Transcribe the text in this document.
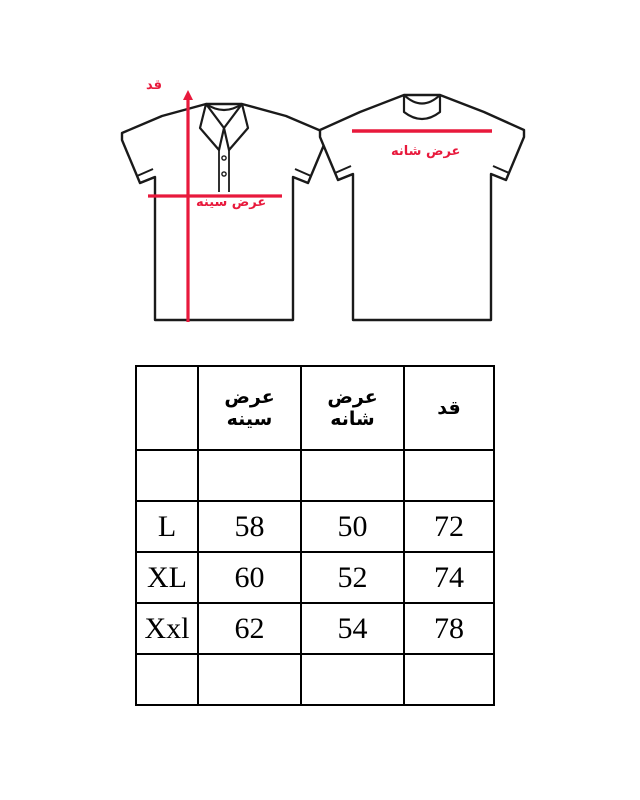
قد
عرض سینه
عرض شانه
قد	عرض شانه	عرض سینه	

72	50	58	L
74	52	60	XL
78	54	62	Xxl
